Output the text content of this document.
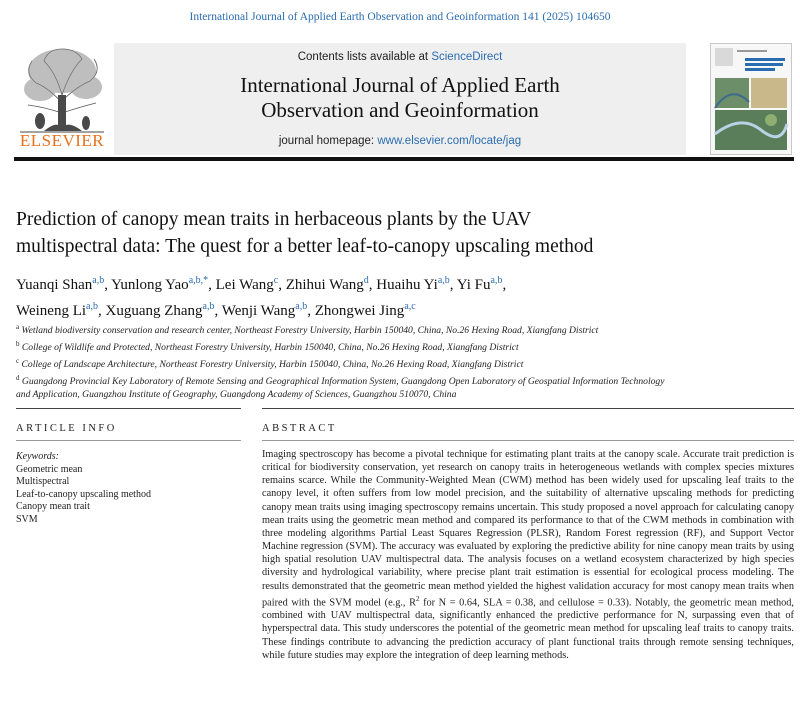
International Journal of Applied Earth Observation and Geoinformation 141 (2025) 104650
ELSEVIER
Contents lists available at ScienceDirect
International Journal of Applied Earth
Observation and Geoinformation
journal homepage: www.elsevier.com/locate/jag
Prediction of canopy mean traits in herbaceous plants by the UAV
multispectral data: The quest for a better leaf-to-canopy upscaling method
Yuanqi Shan$^{a,b}$, Yunlong Yao$^{a,b,*}$, Lei Wang$^c$, Zhihui Wang$^d$, Huaihu Yi$^{a,b}$, Yi Fu$^{a,b}$,
Weineng Li$^{a,b}$, Xuguang Zhang$^{a,b}$, Wenji Wang$^{a,b}$, Zhongwei Jing$^{a,c}$
$^a$ Wetland biodiversity conservation and research center, Northeast Forestry University, Harbin 150040, China, No.26 Hexing Road, Xiangfang District
$^b$ College of Wildlife and Protected, Northeast Forestry University, Harbin 150040, China, No.26 Hexing Road, Xiangfang District
$^c$ College of Landscape Architecture, Northeast Forestry University, Harbin 150040, China, No.26 Hexing Road, Xiangfang District
$^d$ Guangdong Provincial Key Laboratory of Remote Sensing and Geographical Information System, Guangdong Open Laboratory of Geospatial Information Technology
and Application, Guangzhou Institute of Geography, Guangdong Academy of Sciences, Guangzhou 510070, China
ARTICLE INFO	ABSTRACT
Keywords:
Geometric mean
Multispectral
Leaf-to-canopy upscaling method
Canopy mean trait
SVM
Imaging spectroscopy has become a pivotal technique for estimating plant traits at the canopy scale. Accurate trait prediction is critical for biodiversity conservation, yet research on canopy traits in heterogeneous wetlands with complex species mixtures remains scarce. While the Community-Weighted Mean (CWM) method has been widely used for upscaling leaf traits to the canopy level, it often suffers from low model precision, and the suitability of alternative upscaling methods for predicting canopy mean traits using imaging spectroscopy remains uncertain. This study proposed a novel approach for calculating canopy mean traits using the geometric mean method and compared its performance to that of the CWM methods in combination with three modeling algorithms Partial Least Squares Regression (PLSR), Random Forest regression (RF), and Support Vector Machine regression (SVM). The accuracy was evaluated by exploring the predictive ability for nine canopy mean traits by using high spatial resolution UAV multispectral data. The analysis focuses on a wetland ecosystem characterized by high species diversity and hydrological variability, where precise plant trait estimation is essential for ecological process modeling. The results demonstrated that the geometric mean method yielded the highest validation accuracy for most canopy mean traits when paired with the SVM model (e.g., $R^2$ for N = 0.64, SLA = 0.38, and cellulose = 0.33). Notably, the geometric mean method, combined with UAV multispectral data, significantly enhanced the predictive performance for N, surpassing even that of hyperspectral data. This study underscores the potential of the geometric mean method for upscaling leaf traits to canopy traits. These findings contribute to advancing the prediction accuracy of plant functional traits through remote sensing techniques, while future studies may explore the integration of deep learning methods.
